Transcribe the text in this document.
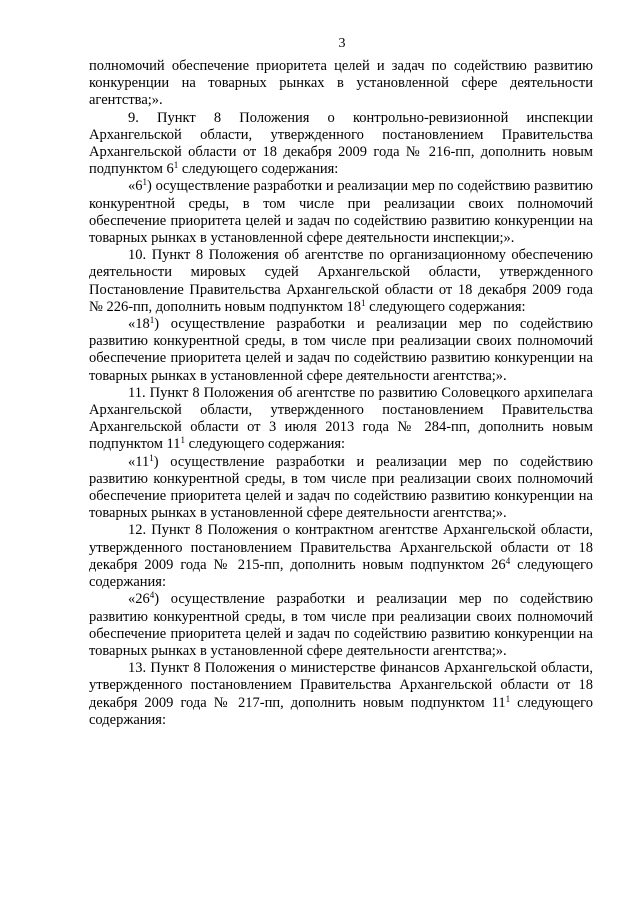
3

полномочий обеспечение приоритета целей и задач по содействию развитию конкуренции на товарных рынках в установленной сфере деятельности агентства;».

9. Пункт 8 Положения о контрольно-ревизионной инспекции Архангельской области, утвержденного постановлением Правительства Архангельской области от 18 декабря 2009 года № 216-пп, дополнить новым подпунктом $6^1$ следующего содержания:

«$6^1$) осуществление разработки и реализации мер по содействию развитию конкурентной среды, в том числе при реализации своих полномочий обеспечение приоритета целей и задач по содействию развитию конкуренции на товарных рынках в установленной сфере деятельности инспекции;».

10. Пункт 8 Положения об агентстве по организационному обеспечению деятельности мировых судей Архангельской области, утвержденного Постановление Правительства Архангельской области от 18 декабря 2009 года № 226-пп, дополнить новым подпунктом $18^1$ следующего содержания:

«$18^1$) осуществление разработки и реализации мер по содействию развитию конкурентной среды, в том числе при реализации своих полномочий обеспечение приоритета целей и задач по содействию развитию конкуренции на товарных рынках в установленной сфере деятельности агентства;».

11. Пункт 8 Положения об агентстве по развитию Соловецкого архипелага Архангельской области, утвержденного постановлением Правительства Архангельской области от 3 июля 2013 года № 284-пп, дополнить новым подпунктом $11^1$ следующего содержания:

«$11^1$) осуществление разработки и реализации мер по содействию развитию конкурентной среды, в том числе при реализации своих полномочий обеспечение приоритета целей и задач по содействию развитию конкуренции на товарных рынках в установленной сфере деятельности агентства;».

12. Пункт 8 Положения о контрактном агентстве Архангельской области, утвержденного постановлением Правительства Архангельской области от 18 декабря 2009 года № 215-пп, дополнить новым подпунктом $26^4$ следующего содержания:

«$26^4$) осуществление разработки и реализации мер по содействию развитию конкурентной среды, в том числе при реализации своих полномочий обеспечение приоритета целей и задач по содействию развитию конкуренции на товарных рынках в установленной сфере деятельности агентства;».

13. Пункт 8 Положения о министерстве финансов Архангельской области, утвержденного постановлением Правительства Архангельской области от 18 декабря 2009 года № 217-пп, дополнить новым подпунктом $11^1$ следующего содержания:
